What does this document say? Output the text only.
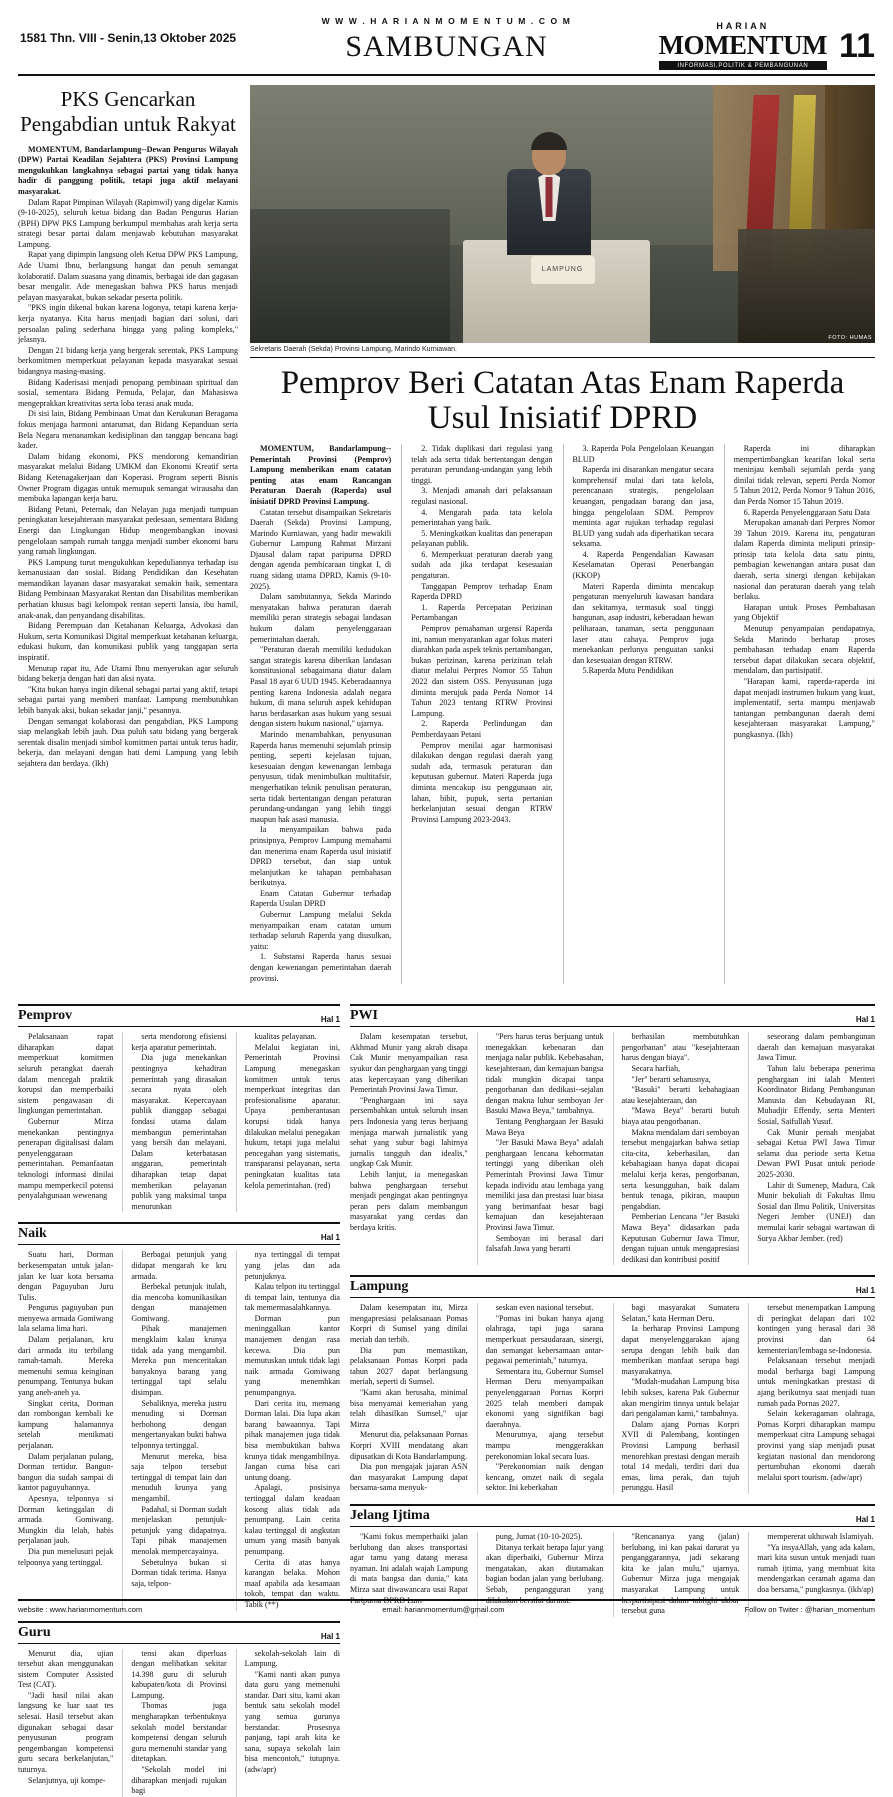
W W W . H A R I A N M O M E N T U M . C O M
1581 Thn. VIII - Senin,13 Oktober 2025	SAMBUNGAN
HARIAN
MOMENTUM
INFORMASI,POLITIK & PEMBANGUNAN
11
PKS Gencarkan Pengabdian untuk Rakyat

MOMENTUM, Bandarlampung--Dewan Pengurus Wilayah (DPW) Partai Keadilan Sejahtera (PKS) Provinsi Lampung mengukuhkan langkahnya sebagai partai yang tidak hanya hadir di panggung politik, tetapi juga aktif melayani masyarakat.

Dalam Rapat Pimpinan Wilayah (Rapimwil) yang digelar Kamis (9-10-2025), seluruh ketua bidang dan Badan Pengurus Harian (BPH) DPW PKS Lampung berkumpul membahas arah kerja serta strategi besar partai dalam menjawab kebutuhan masyarakat Lampung.

Rapat yang dipimpin langsung oleh Ketua DPW PKS Lampung, Ade Utami Ibnu, berlangsung hangat dan penuh semangat kolaboratif. Dalam suasana yang dinamis, berbagai ide dan gagasan besar mengalir. Ade menegaskan bahwa PKS harus menjadi pelayan masyarakat, bukan sekadar peserta politik.

"PKS ingin dikenal bukan karena logonya, tetapi karena kerja-kerja nyatanya. Kita harus menjadi bagian dari solusi, dari persoalan paling sederhana hingga yang paling kompleks," jelasnya.

Dengan 21 bidang kerja yang bergerak serentak, PKS Lampung berkomitmen memperkuat pelayanan kepada masyarakat sesuai bidangnya masing-masing.

Bidang Kaderisasi menjadi penopang pembinaan spiritual dan sosial, sementara Bidang Pemuda, Pelajar, dan Mahasiswa mengeprakkan kreativitas serta loba terasi anak muda.

Di sisi lain, Bidang Pembinaan Umat dan Kerukunan Beragama fokus menjaga harmoni antarumat, dan Bidang Kepanduan serta Bela Negara menanamkan kedisiplinan dan tanggap bencana bagi kader.

Dalam bidang ekonomi, PKS mendorong kemandirian masyarakat melalui Bidang UMKM dan Ekonomi Kreatif serta Bidang Ketenagakerjaan dan Koperasi. Program seperti Bisnis Owner Program digagas untuk memupuk semangat wirausaha dan membuka lapangan kerja baru.

Bidang Petani, Peternak, dan Nelayan juga menjadi tumpuan peningkatan kesejahteraan masyarakat pedesaan, sementara Bidang Energi dan Lingkungan Hidup mengembangkan inovasi pengelolaan sampah rumah tangga menjadi sumber ekonomi baru yang ramah lingkungan.

PKS Lampung turut mengukuhkan kepeduliannya terhadap isu kemanusiaan dan sosial. Bidang Pendidikan dan Kesehatan memandikan layanan dasar masyarakat semakin baik, sementara Bidang Pembinaan Masyarakat Rentan dan Disabilitas memberikan perhatian khusus bagi kelompok rentan seperti lansia, ibu hamil, anak-anak, dan penyandang disabilitas.

Bidang Perempuan dan Ketahanan Keluarga, Advokasi dan Hukum, serta Komunikasi Digital memperkuat ketahanan keluarga, edukasi hukum, dan komunikasi publik yang tanggapan serta inspiratif.

Menutup rapat itu, Ade Utami Ibnu menyerukan agar seluruh bidang bekerja dengan hati dan aksi nyata.

"Kita bukan hanya ingin dikenal sebagai partai yang aktif, tetapi sebagai partai yang memberi manfaat. Lampung membutuhkan lebih banyak aksi, bukan sekadar janji," pesannya.

Dengan semangat kolaborasi dan pengabdian, PKS Lampung siap melangkah lebih jauh. Dua puluh satu bidang yang bergerak serentak disalin menjadi simbol komitmen partai untuk terus hadir, bekerja, dan melayani dengan hati demi Lampung yang lebih sejahtera dan berdaya. (Ikh)

LAMPUNG
FOTO: HUMAS
Sekretaris Daerah (Sekda) Provinsi Lampung, Marindo Kurniawan.
Pemprov Beri Catatan Atas Enam Raperda Usul Inisiatif DPRD

MOMENTUM, Bandarlampung--Pemerintah Provinsi (Pemprov) Lampung memberikan enam catatan penting atas enam Rancangan Peraturan Daerah (Raperda) usul inisiatif DPRD Provinsi Lampung.

Catatan tersebut disampaikan Sekretaris Daerah (Sekda) Provinsi Lampung, Marindo Kurniawan, yang hadir mewakili Gubernur Lampung Rahmat Mirzani Djausal dalam rapat paripurna DPRD dengan agenda pembicaraan tingkat I, di ruang sidang utama DPRD, Kamis (9-10-2025).

Dalam sambutannya, Sekda Marindo menyatakan bahwa peraturan daerah memiliki peran strategis sebagai landasan hukum dalam penyelenggaraan pemerintahan daerah.

"Peraturan daerah memiliki kedudukan sangat strategis karena diberikan landasan konstitusional sebagaimana diatur dalam Pasal 18 ayat 6 UUD 1945. Keberadaannya penting karena Indonesia adalah negara hukum, di mana seluruh aspek kehidupan harus berdasarkan asas hukum yang sesuai dengan sistem hukum nasional," ujarnya.

Marindo menambahkan, penyusunan Raperda harus memenuhi sejumlah prinsip penting, seperti kejelasan tujuan, kesesuaian dengan kewenangan lembaga penyusun, tidak menimbulkan multitafsir, mengerhatikan teknik penulisan peraturan, serta tidak bertentangan dengan peraturan perundang-undangan yang lebih tinggi maupun hak asasi manusia.

Ia menyampaikan bahwa pada prinsipnya, Pemprov Lampung memahami dan menerima enam Raperda usul inisiatif DPRD tersebut, dan siap untuk melanjutkan ke tahapan pembahasan berikutnya.

Enam Catatan Gubernur terhadap Raperda Usulan DPRD

Gubernur Lampung melalui Sekda menyampaikan enam catatan umum terhadap seluruh Raperda yang diusulkan, yaitu:

1. Substansi Raperda harus sesuai dengan kewenangan pemerintahan daerah provinsi.

2. Tidak duplikasi dari regulasi yang telah ada serta tidak bertentangan dengan peraturan perundang-undangan yang lebih tinggi.

3. Menjadi amanah dari pelaksanaan regulasi nasional.

4. Mengarah pada tata kelola pemerintahan yang baik.

5. Meningkatkan kualitas dan penerapan pelayanan publik.

6. Memperkuat peraturan daerah yang sudah ada jika terdapat kesesuaian pengaturan.

Tanggapan Pemprov terhadap Enam Raperda DPRD

1. Raperda Percepatan Perizinan Pertambangan

Pemprov pemahaman urgensi Raperda ini, namun menyarankan agar fokus materi diarahkan pada aspek teknis pertambangan, bukan perizinan, karena perizinan telah diatur melalui Perpres Nomor 55 Tahun 2022 dan sistem OSS. Penyusunan juga diminta merujuk pada Perda Nomor 14 Tahun 2023 tentang RTRW Provinsi Lampung.

2. Raperda Perlindungan dan Pemberdayaan Petani

Pemprov menilai agar harmonisasi dilakukan dengan regulasi daerah yang sudah ada, termasuk peraturan dan keputusan gubernur. Materi Raperda juga diminta mencakup isu penggunaan air, lahan, bibit, pupuk, serta pertanian berkelanjutan sesuai dengan RTRW Provinsi Lampung 2023-2043.

3. Raperda Pola Pengelolaan Keuangan BLUD

Raperda ini disarankan mengatur secara komprehensif mulai dari tata kelola, perencanaan strategis, pengelolaan keuangan, pengadaan barang dan jasa, hingga pengelolaan SDM. Pemprov meminta agar rujukan terhadap regulasi BLUD yang sudah ada diperhatikan secara seksama.

4. Raperda Pengendalian Kawasan Keselamatan Operasi Penerbangan (KKOP)

Materi Raperda diminta mencakup pengaturan menyeluruh kawasan bandara dan sekitarnya, termasuk soal tinggi bangunan, asap industri, keberadaan hewan peliharaan, tanaman, serta penggunaan laser atau cahaya. Pemprov juga menekankan perlunya penguatan sanksi dan kesesuaian dengan RTRW.

5.Raperda Mutu Pendidikan

Raperda ini diharapkan mempertimbangkan kearifan lokal serta meninjau kembali sejumlah perda yang dinilai tidak relevan, seperti Perda Nomor 5 Tahun 2012, Perda Nomor 9 Tahun 2016, dan Perda Nomor 15 Tahun 2019.

6. Raperda Penyelenggaraan Satu Data

Merupakan amanah dari Perpres Nomor 39 Tahun 2019. Karena itu, pengaturan dalam Raperda diminta meliputi prinsip-prinsip tata kelola data satu pintu, pembagian kewenangan antara pusat dan daerah, serta sinergi dengan kebijakan nasional dan peraturan daerah yang telah berlaku.

Harapan untuk Proses Pembahasan yang Objektif

Menutup penyampaian pendapatnya, Sekda Marindo berharap proses pembahasan terhadap enam Raperda tersebut dapat dilakukan secara objektif, mendalam, dan partisipatif.

"Harapan kami, raperda-raperda ini dapat menjadi instrumen hukum yang kuat, implementatif, serta mampu menjawab tantangan pembangunan daerah demi kesejahteraan masyarakat Lampung," pungkasnya. (Ikh)

Pemprov	Hal 1

Pelaksanaan rapat diharapkan dapat memperkuat komitmen seluruh perangkat daerah dalam mencegah praktik korupsi dan memperbaiki sistem pengawasan di lingkungan pemerintahan.

Gubernur Mirza menekankan pentingnya penerapan digitalisasi dalam penyelenggaraan pemerintahan. Pemanfaatan teknologi informasi dinilai mampu memperkecil potensi penyalahgunaan wewenang

serta mendorong efisiensi kerja aparatur pemerintah.

Dia juga menekankan pentingnya kehadiran pemerintah yang dirasakan secara nyata oleh masyarakat. Kepercayaan publik dianggap sebagai fondasi utama dalam membangun pemerintahan yang bersih dan melayani. Dalam keterbatasan anggaran, pemerintah diharapkan tetap dapat memberikan pelayanan publik yang maksimal tanpa menurunkan

kualitas pelayanan.

Melalui kegiatan ini, Pemerintah Provinsi Lampung menegaskan komitmen untuk terus memperkuat integritas dan profesionalisme aparatur. Upaya pemberantasan korupsi tidak hanya dilakukan melalui penegakan hukum, tetapi juga melalui pencegahan yang sistematis, transparansi pelayanan, serta peningkatan kualitas tata kelola pemerintahan. (red)

Naik	Hal 1

Suatu hari, Dorman berkesempatan untuk jalan-jalan ke luar kota bersama dengan Paguyuban Juru Tulis.

Pengurus paguyuban pun menyewa armada Gomiwang lala selama lima hari.

Dalam perjalanan, kru dari armada itu terbilang ramah-tamah. Mereka memenuhi semua keinginan penumpang. Tentunya bukan yang aneh-aneh ya.

Singkat cerita, Dorman dan rombongan kembali ke kampung halamannya setelah menikmati perjalanan.

Dalam perjalanan pulang, Dorman tertidur. Bangun-bangun dia sudah sampai di kantor paguyubannya.

Apesnya, telponnya si Dorman ketinggalan di armada Gomiwang. Mungkin dia lelah, habis perjalanan jauh.

Dia pun menelusuri pejak telponnya yang tertinggal.

Berbagai petunjuk yang didapat mengarah ke kru armada.

Berbekal petunjuk itulah, dia mencoba komunikasikan dengan manajemen Gomiwang.

Pihak manajemen mengklaim kalau krunya tidak ada yang mengambil. Mereka pun menceritakan banyaknya barang yang tertinggal tapi selalu disimpan.

Sebaliknya, mereka justru menuding si Dorman berbohong dengan mengertanyakan bukti bahwa telponnya tertinggal.

Menurut mereka, bisa saja telpon tersebut tertinggal di tempat lain dan menuduh krunya yang mengambil.

Padahal, si Dorman sudah menjelaskan petunjuk-petunjuk yang didapatnya. Tapi pihak manajemen menolak mempercayainya.

Sebetulnya bukan si Dorman tidak terima. Hanya saja, telpon-

nya tertinggal di tempat yang jelas dan ada petunjuknya.

Kalau telpon itu tertinggal di tempat lain, tentunya dia tak memermasalahkannya.

Dorman pun meninggalkan kantor manajemen dengan rasa kecewa. Dia pun memutuskan untuk tidak lagi naik armada Gomiwang yang menemhkan penumpangnya.

Dari cerita itu, memang Dorman lalai. Dia lupa akan barang bawaannya. Tapi pihak manajemen juga tidak bisa membuktikan bahwa krunya tidak mengambilnya. Jangan cuma bisa cari untung doang.

Apalagi, posisinya tertinggal dalam keadaan kosong alias tidak ada penumpang. Lain cerita kalau tertinggal di angkutan umum yang masih banyak penumpang.

Cerita di atas hanya karangan belaka. Mohon maaf apabila ada kesamaan tokoh, tempat dan waktu. Tabik (**)

Guru	Hal 1

Menurut dia, ujian tersebut akan menggunakan sistem Computer Assisted Test (CAT).

"Jadi hasil nilai akan langsung ke luar saat tes selesai. Hasil tersebut akan digunakan sebagai dasar penyusunan program pengembangan kompetensi guru secara berkelanjutan," tuturnya.

Selanjutnya, uji kompe-

tensi akan diperluas dengan melibatkan sekitar 14.398 guru di seluruh kabupaten/kota di Provinsi Lampung.

Thomas juga mengharapkan terbentuknya sekolah model berstandar kompetensi dengan seluruh guru memenuhi standar yang ditetapkan.

"Sekolah model ini diharapkan menjadi rujukan bagi

sekolah-sekolah lain di Lampung.

"Kami nanti akan punya data guru yang memenuhi standar. Dari situ, kami akan bentuk satu sekolah model yang semua gurunya berstandar. Prosesnya panjang, tapi arah kita ke sana, supaya sekolah lain bisa mencontoh," tutupnya. (adw/apr)

PWI	Hal 1

Dalam kesempatan tersebut, Akhmad Munir yang akrab disapa Cak Munir menyampaikan rasa syukur dan penghargaan yang tinggi atas kepercayaan yang diberikan Pemerintah Provinsi Jawa Timur.

"Penghargaan ini saya persembahkan untuk seluruh insan pers Indonesia yang terus berjuang menjaga marwah jurnalistik yang sehat yang subur bagi lahirnya jurnalis tangguh dan idealis," ungkap Cak Munir.

Lebih lanjut, ia menegaskan bahwa penghargaan tersebut menjadi pengingat akan pentingnya peran pers dalam membangun masyarakat yang cerdas dan berdaya kritis.

"Pers harus terus berjuang untuk menegakkan kebenaran dan menjaga nalar publik. Kebebasahan, kesejahteraan, dan kemajuan bangsa tidak mungkin dicapai tanpa pengorbanan dan dedikasi--sejalan dengan makna luhur semboyan Jer Basuki Mawa Beya," tambahnya.

Tentang Penghargaan Jer Basuki Mawa Beya

"Jer Basuki Mawa Beya" adalah penghargaan lencana kehormatan tertinggi yang diberikan oleh Pemerintah Provinsi Jawa Timur kepada individu atau lembaga yang memiliki jasa dan prestasi luar biasa yang berimanfaat besar bagi kemajuan dan kesejahteraan Provinsi Jawa Timur.

Semboyan ini berasal dari falsafah Jawa yang berarti

berhasilan membutuhkan pengorbanan" atau "kesejahteraan harus dengan biaya".

Secara harfiah,

"Jer" berarti seharusnya,

"Basuki" berarti kebahagiaan atau kesejahteraan, dan

"Mawa Beya" berarti butuh biaya atau pengorbanan.

Makna mendalam dari semboyan tersebut mengajarkan bahwa setiap cita-cita, keberhasilan, dan kebahagiaan hanya dapat dicapai melalui kerja keras, pengorbanan, serta kesungguhan, baik dalam bentuk tenaga, pikiran, maupun pengabdian.

Pemberian Lencana "Jer Basuki Mawa Beya" didasarkan pada Keputusan Gubernur Jawa Timur, dengan tujuan untuk mengapresiasi dedikasi dan kontribusi positif

seseorang dalam pembangunan daerah dan kemajuan masyarakat Jawa Timur.

Tahun lalu beberapa penerima penghargaan ini ialah Menteri Koordinator Bidang Pembangunan Manusia dan Kebudayaan RI, Muhadjir Effendy, serta Menteri Sosial, Saifullah Yusuf.

Cak Munir pernah menjabat sebagai Ketua PWI Jawa Timur selama dua periode serta Ketua Dewan PWI Pusat untuk periode 2025-2030.

Lahir di Sumenep, Madura, Cak Munir bekuliah di Fakultas Ilmu Sosial dan Ilmu Politik, Universitas Negeri Jember (UNEJ) dan memulai karir sebagai wartawan di Surya Akbar Jember. (red)

Lampung	Hal 1

Dalam kesempatan itu, Mirza mengapresiasi pelaksanaan Pomas Korpri di Sumsel yang dinilai meriah dan terbih.

Dia pun memastikan, pelaksanaan Pomas Korpri pada tahun 2027 dapat berlangsung meriah, seperti di Sumsel.

"Kami akan berusaha, minimal bisa menyamai kemeriahan yang telah dihasilkan Sumsel," ujar Mirza

Menurut dia, pelaksanaan Pornas Korpri XVIII mendatang akan dipusatkan di Kota Bandarlampung.

Dia pun mengajak jajaran ASN dan masyarakat Lampung dapat bersama-sama menyuk-

seskan even nasional tersebut.

"Pomas ini bukan hanya ajang olahraga, tapi juga sarana memperkuat persaudaraan, sinergi, dan semangat kebersamaan antar-pegawai pemerintah," tuturnya.

Sementara itu, Gubernur Sumsel Herman Deru menyampaikan penyelenggaraan Pornas Korpri 2025 telah memberi dampak ekonomi yang signifikan bagi daerahnya.

Menurutnya, ajang tersebut mampu menggerakkan perekonomian lokal secara luas.

"Perekonomian naik dengan kencang, omzet naik di segala sektor. Ini keberkahan

bagi masyarakat Sumatera Selatan," kata Herman Deru.

Ia berharap Provinsi Lampung dapat menyelenggarakan ajang serupa dengan lebih baik dan memberikan manfaat serupa bagi masyarakatnya.

"Mudah-mudahan Lampung bisa lebih sukses, karena Pak Gubernur akan mengirim tinnya untuk belajar dari pengalaman kami," tambahnya.

Dalam ajang Pornas Korpri XVII di Palembang, kontingen Provinsi Lampung berhasil menorehkan prestasi dengan meraih total 14 medali, terdiri dari dua emas, lima perak, dan tujuh perunggu. Hasil

tersebut menempatkan Lampung di peringkat delapan dari 102 kontingen yang berasal dari 38 provinsi dan 64 kementerian/lembaga se-Indonesia.

Pelaksanaan tersebut menjadi modal berharga bagi Lampung untuk meningkatkan prestasi di ajang berikutnya saat menjadi tuan rumah pada Pornas 2027.

Selain kekeragaman olahraga, Pomas Korpri diharapkan mampu memperkuat citra Lampung sebagai provinsi yang siap menjadi pusat kegiatan nasional dan mendorong pertumbuhan ekonomi daerah melalui sport tourism. (adw/apr)

Jelang Ijtima	Hal 1

"Kami fokus memperbaiki jalan berlubang dan akses transportasi agar tamu yang datang merasa nyaman. Ini adalah wajah Lampung di mata bangsa dan dunia," kata Mirza saat diwawancara usai Rapat Paripurna DPRD Lam-

pung, Jumat (10-10-2025).

Ditanya terkait berapa lajur yang akan diperbaiki, Gubernur Mirza mengatakan, akan diutamakan bagian bodan jalan yang berlubang. Sebab, pengangguran yang dilakukan bersifat darurat.

"Rencananya yang (jalan) berlubang, ini kan pakai darurat ya penganggarannya, jadi sekarang kita ke jalan mulu," ujarnya. Gubernur Mirza juga mengajak masyarakat Lampung untuk berpartisipasi dalam tablighi akbar tersebut guna

mempererat ukhuwah Islamiyah.

"Ya insyaAllah, yang ada kalam, mari kita susun untuk menjadi tuan rumah ijtima, yang membuat kita mendengarkan ceramah agama dan doa bersama," pungkasnya. (ikh/ap)

website : www.harianmomentum.com	email: harianmomentum@gmail.com	Follow on Twiter : @harian_momentum
